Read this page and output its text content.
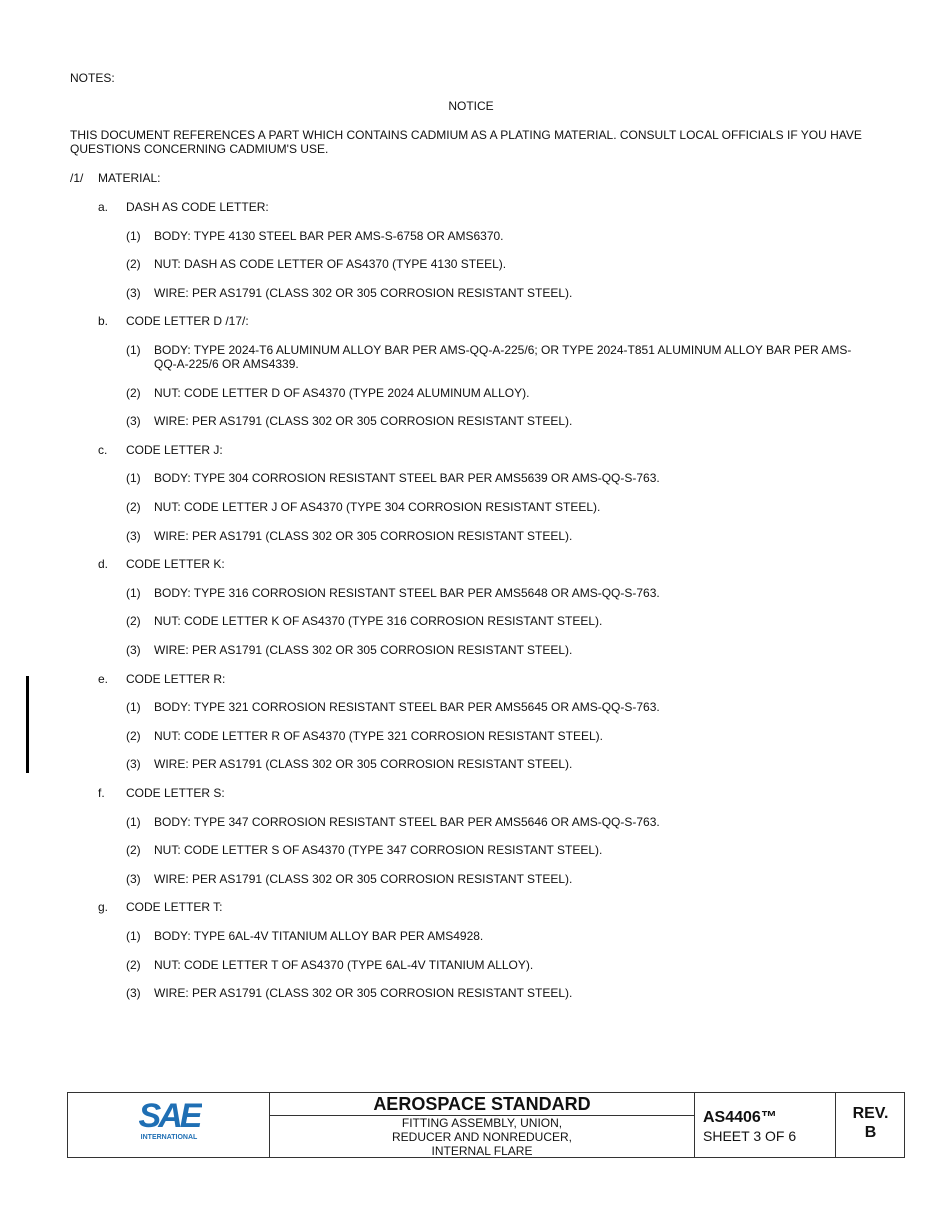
NOTES:
NOTICE
THIS DOCUMENT REFERENCES A PART WHICH CONTAINS CADMIUM AS A PLATING MATERIAL. CONSULT LOCAL OFFICIALS IF YOU HAVE QUESTIONS CONCERNING CADMIUM'S USE.
/1/ MATERIAL:
a. DASH AS CODE LETTER:
(1) BODY: TYPE 4130 STEEL BAR PER AMS-S-6758 OR AMS6370.
(2) NUT: DASH AS CODE LETTER OF AS4370 (TYPE 4130 STEEL).
(3) WIRE: PER AS1791 (CLASS 302 OR 305 CORROSION RESISTANT STEEL).
b. CODE LETTER D /17/:
(1) BODY: TYPE 2024-T6 ALUMINUM ALLOY BAR PER AMS-QQ-A-225/6; OR TYPE 2024-T851 ALUMINUM ALLOY BAR PER AMS-QQ-A-225/6 OR AMS4339.
(2) NUT: CODE LETTER D OF AS4370 (TYPE 2024 ALUMINUM ALLOY).
(3) WIRE: PER AS1791 (CLASS 302 OR 305 CORROSION RESISTANT STEEL).
c. CODE LETTER J:
(1) BODY: TYPE 304 CORROSION RESISTANT STEEL BAR PER AMS5639 OR AMS-QQ-S-763.
(2) NUT: CODE LETTER J OF AS4370 (TYPE 304 CORROSION RESISTANT STEEL).
(3) WIRE: PER AS1791 (CLASS 302 OR 305 CORROSION RESISTANT STEEL).
d. CODE LETTER K:
(1) BODY: TYPE 316 CORROSION RESISTANT STEEL BAR PER AMS5648 OR AMS-QQ-S-763.
(2) NUT: CODE LETTER K OF AS4370 (TYPE 316 CORROSION RESISTANT STEEL).
(3) WIRE: PER AS1791 (CLASS 302 OR 305 CORROSION RESISTANT STEEL).
e. CODE LETTER R:
(1) BODY: TYPE 321 CORROSION RESISTANT STEEL BAR PER AMS5645 OR AMS-QQ-S-763.
(2) NUT: CODE LETTER R OF AS4370 (TYPE 321 CORROSION RESISTANT STEEL).
(3) WIRE: PER AS1791 (CLASS 302 OR 305 CORROSION RESISTANT STEEL).
f. CODE LETTER S:
(1) BODY: TYPE 347 CORROSION RESISTANT STEEL BAR PER AMS5646 OR AMS-QQ-S-763.
(2) NUT: CODE LETTER S OF AS4370 (TYPE 347 CORROSION RESISTANT STEEL).
(3) WIRE: PER AS1791 (CLASS 302 OR 305 CORROSION RESISTANT STEEL).
g. CODE LETTER T:
(1) BODY: TYPE 6AL-4V TITANIUM ALLOY BAR PER AMS4928.
(2) NUT: CODE LETTER T OF AS4370 (TYPE 6AL-4V TITANIUM ALLOY).
(3) WIRE: PER AS1791 (CLASS 302 OR 305 CORROSION RESISTANT STEEL).
SAE
INTERNATIONAL
AEROSPACE STANDARD
FITTING ASSEMBLY, UNION,
REDUCER AND NONREDUCER,
INTERNAL FLARE
AS4406™
SHEET 3 OF 6
REV.
B
